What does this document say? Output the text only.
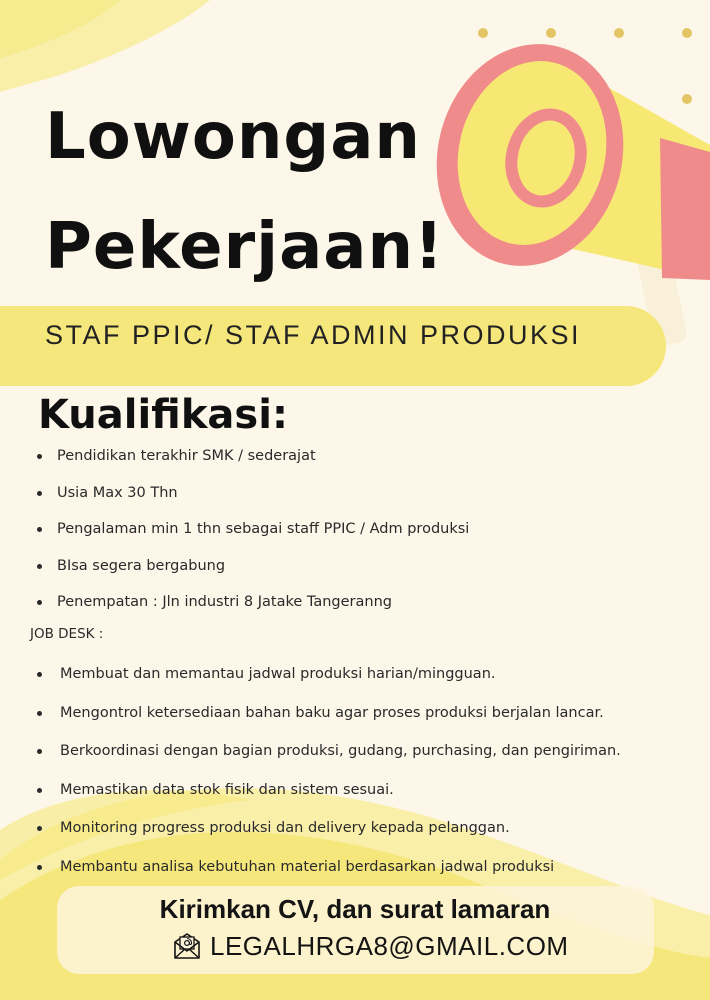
Lowongan
Pekerjaan!
STAF PPIC/ STAF ADMIN PRODUKSI
Kualifikasi:
Pendidikan terakhir SMK / sederajat
Usia Max 30 Thn
Pengalaman min 1 thn sebagai staff PPIC / Adm produksi
BIsa segera bergabung
Penempatan : Jln industri 8 Jatake Tangeranng
JOB DESK :
Membuat dan memantau jadwal produksi harian/mingguan.
Mengontrol ketersediaan bahan baku agar proses produksi berjalan lancar.
Berkoordinasi dengan bagian produksi, gudang, purchasing, dan pengiriman.
Memastikan data stok fisik dan sistem sesuai.
Monitoring progress produksi dan delivery kepada pelanggan.
Membantu analisa kebutuhan material berdasarkan jadwal produksi
Kirimkan CV, dan surat lamaran
LEGALHRGA8@GMAIL.COM
